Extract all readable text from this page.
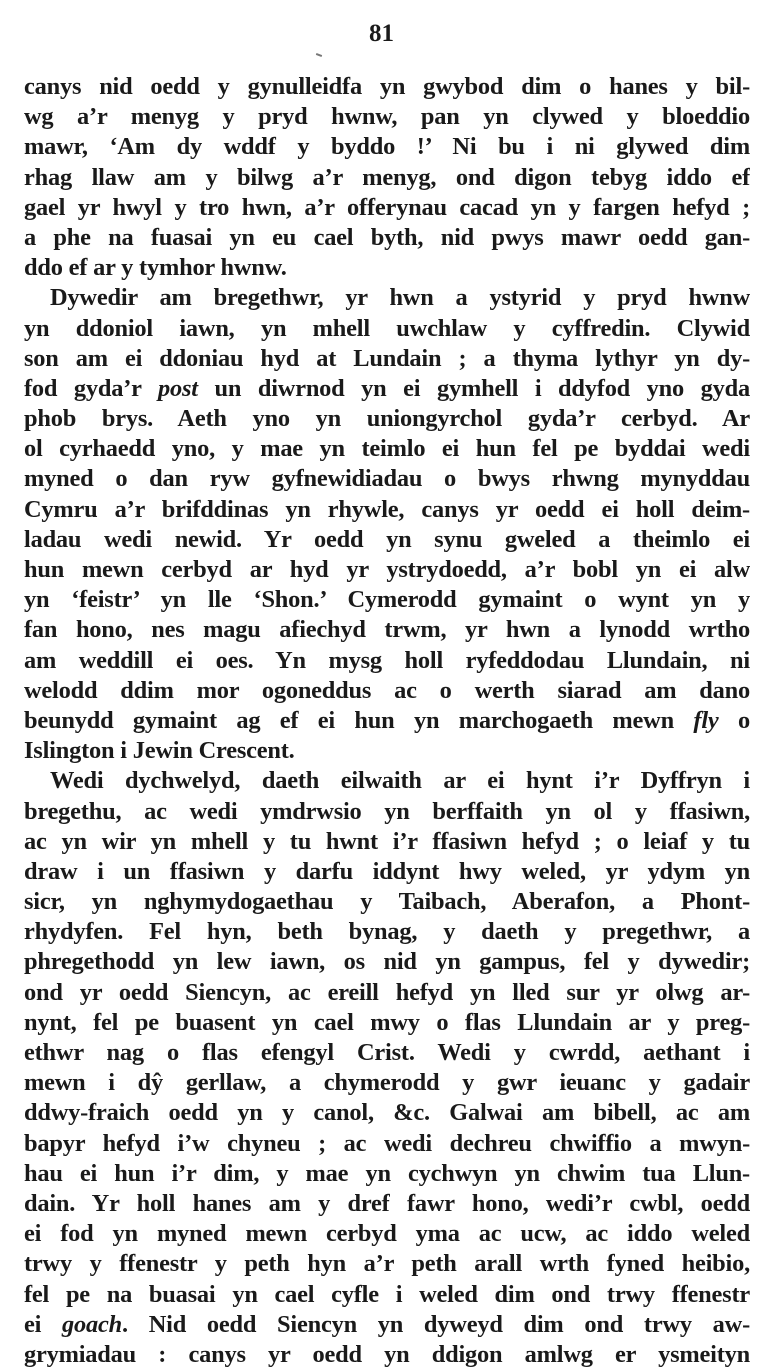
81
canys nid oedd y gynulleidfa yn gwybod dim o hanes y bil-
wg a’r menyg y pryd hwnw, pan yn clywed y bloeddio
mawr, ‘Am dy wddf y byddo !’ Ni bu i ni glywed dim
rhag llaw am y bilwg a’r menyg, ond digon tebyg iddo ef
gael yr hwyl y tro hwn, a’r offerynau cacad yn y fargen hefyd ;
a phe na fuasai yn eu cael byth, nid pwys mawr oedd gan-
ddo ef ar y tymhor hwnw.
Dywedir am bregethwr, yr hwn a ystyrid y pryd hwnw
yn ddoniol iawn, yn mhell uwchlaw y cyffredin. Clywid
son am ei ddoniau hyd at Lundain ; a thyma lythyr yn dy-
fod gyda’r post un diwrnod yn ei gymhell i ddyfod yno gyda
phob brys. Aeth yno yn uniongyrchol gyda’r cerbyd. Ar
ol cyrhaedd yno, y mae yn teimlo ei hun fel pe byddai wedi
myned o dan ryw gyfnewidiadau o bwys rhwng mynyddau
Cymru a’r brifddinas yn rhywle, canys yr oedd ei holl deim-
ladau wedi newid. Yr oedd yn synu gweled a theimlo ei
hun mewn cerbyd ar hyd yr ystrydoedd, a’r bobl yn ei alw
yn ‘feistr’ yn lle ‘Shon.’ Cymerodd gymaint o wynt yn y
fan hono, nes magu afiechyd trwm, yr hwn a lynodd wrtho
am weddill ei oes. Yn mysg holl ryfeddodau Llundain, ni
welodd ddim mor ogoneddus ac o werth siarad am dano
beunydd gymaint ag ef ei hun yn marchogaeth mewn fly o
Islington i Jewin Crescent.
Wedi dychwelyd, daeth eilwaith ar ei hynt i’r Dyffryn i
bregethu, ac wedi ymdrwsio yn berffaith yn ol y ffasiwn,
ac yn wir yn mhell y tu hwnt i’r ffasiwn hefyd ; o leiaf y tu
draw i un ffasiwn y darfu iddynt hwy weled, yr ydym yn
sicr, yn nghymydogaethau y Taibach, Aberafon, a Phont-
rhydyfen. Fel hyn, beth bynag, y daeth y pregethwr, a
phregethodd yn lew iawn, os nid yn gampus, fel y dywedir;
ond yr oedd Siencyn, ac ereill hefyd yn lled sur yr olwg ar-
nynt, fel pe buasent yn cael mwy o flas Llundain ar y preg-
ethwr nag o flas efengyl Crist. Wedi y cwrdd, aethant i
mewn i dŷ gerllaw, a chymerodd y gwr ieuanc y gadair
ddwy-fraich oedd yn y canol, &c. Galwai am bibell, ac am
bapyr hefyd i’w chyneu ; ac wedi dechreu chwiffio a mwyn-
hau ei hun i’r dim, y mae yn cychwyn yn chwim tua Llun-
dain. Yr holl hanes am y dref fawr hono, wedi’r cwbl, oedd
ei fod yn myned mewn cerbyd yma ac ucw, ac iddo weled
trwy y ffenestr y peth hyn a’r peth arall wrth fyned heibio,
fel pe na buasai yn cael cyfle i weled dim ond trwy ffenestr
ei goach. Nid oedd Siencyn yn dyweyd dim ond trwy aw-
grymiadau : canys yr oedd yn ddigon amlwg er ysmeityn
